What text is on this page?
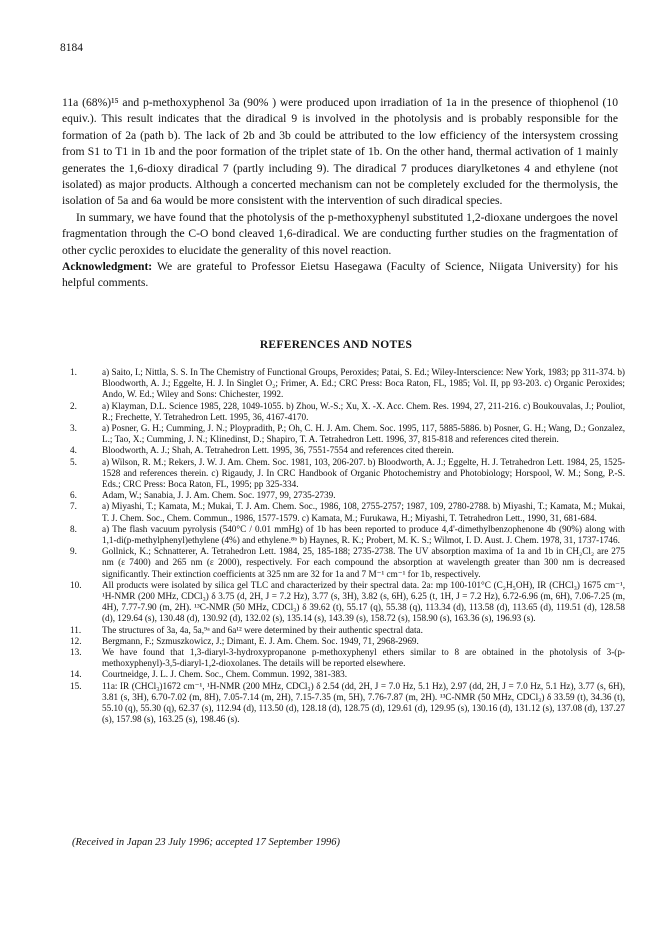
8184

11a (68%)¹⁵ and p-methoxyphenol 3a (90% ) were produced upon irradiation of 1a in the presence of thiophenol (10 equiv.). This result indicates that the diradical 9 is involved in the photolysis and is probably responsible for the formation of 2a (path b). The lack of 2b and 3b could be attributed to the low efficiency of the intersystem crossing from S1 to T1 in 1b and the poor formation of the triplet state of 1b. On the other hand, thermal activation of 1 mainly generates the 1,6-dioxy diradical 7 (partly including 9). The diradical 7 produces diarylketones 4 and ethylene (not isolated) as major products. Although a concerted mechanism can not be completely excluded for the thermolysis, the isolation of 5a and 6a would be more consistent with the intervention of such diradical species.

In summary, we have found that the photolysis of the p-methoxyphenyl substituted 1,2-dioxane undergoes the novel fragmentation through the C-O bond cleaved 1,6-diradical. We are conducting further studies on the fragmentation of other cyclic peroxides to elucidate the generality of this novel reaction.

Acknowledgment: We are grateful to Professor Eietsu Hasegawa (Faculty of Science, Niigata University) for his helpful comments.

REFERENCES AND NOTES
1.	a) Saito, I.; Nittla, S. S. In The Chemistry of Functional Groups, Peroxides; Patai, S. Ed.; Wiley-Interscience: New York, 1983; pp 311-374. b) Bloodworth, A. J.; Eggelte, H. J. In Singlet O₂; Frimer, A. Ed.; CRC Press: Boca Raton, FL, 1985; Vol. II, pp 93-203. c) Organic Peroxides; Ando, W. Ed.; Wiley and Sons: Chichester, 1992.
2.	a) Klayman, D.L. Science 1985, 228, 1049-1055. b) Zhou, W.-S.; Xu, X. -X. Acc. Chem. Res. 1994, 27, 211-216. c) Boukouvalas, J.; Pouliot, R.; Frechette, Y. Tetrahedron Lett. 1995, 36, 4167-4170.
3.	a) Posner, G. H.; Cumming, J. N.; Ploypradith, P.; Oh, C. H. J. Am. Chem. Soc. 1995, 117, 5885-5886. b) Posner, G. H.; Wang, D.; Gonzalez, L.; Tao, X.; Cumming, J. N.; Klinedinst, D.; Shapiro, T. A. Tetrahedron Lett. 1996, 37, 815-818 and references cited therein.
4.	Bloodworth, A. J.; Shah, A. Tetrahedron Lett. 1995, 36, 7551-7554 and references cited therein.
5.	a) Wilson, R. M.; Rekers, J. W. J. Am. Chem. Soc. 1981, 103, 206-207. b) Bloodworth, A. J.; Eggelte, H. J. Tetrahedron Lett. 1984, 25, 1525-1528 and references therein. c) Rigaudy, J. In CRC Handbook of Organic Photochemistry and Photobiology; Horspool, W. M.; Song, P.-S. Eds.; CRC Press: Boca Raton, FL, 1995; pp 325-334.
6.	Adam, W.; Sanabia, J. J. Am. Chem. Soc. 1977, 99, 2735-2739.
7.	a) Miyashi, T.; Kamata, M.; Mukai, T. J. Am. Chem. Soc., 1986, 108, 2755-2757; 1987, 109, 2780-2788. b) Miyashi, T.; Kamata, M.; Mukai, T. J. Chem. Soc., Chem. Commun., 1986, 1577-1579. c) Kamata, M.; Furukawa, H.; Miyashi, T. Tetrahedron Lett., 1990, 31, 681-684.
8.	a) The flash vacuum pyrolysis (540°C / 0.01 mmHg) of 1b has been reported to produce 4,4'-dimethylbenzophenone 4b (90%) along with 1,1-di(p-methylphenyl)ethylene (4%) and ethylene.⁸ᵇ b) Haynes, R. K.; Probert, M. K. S.; Wilmot, I. D. Aust. J. Chem. 1978, 31, 1737-1746.
9.	Gollnick, K.; Schnatterer, A. Tetrahedron Lett. 1984, 25, 185-188; 2735-2738. The UV absorption maxima of 1a and 1b in CH₂Cl₂ are 275 nm (ε 7400) and 265 nm (ε 2000), respectively. For each compound the absorption at wavelength greater than 300 nm is decreased significantly. Their extinction coefficients at 325 nm are 32 for 1a and 7 M⁻¹ cm⁻¹ for 1b, respectively.
10.	All products were isolated by silica gel TLC and characterized by their spectral data. 2a: mp 100-101°C (C₂H₅OH), IR (CHCl₃) 1675 cm⁻¹, ¹H-NMR (200 MHz, CDCl₃) δ 3.75 (d, 2H, J = 7.2 Hz), 3.77 (s, 3H), 3.82 (s, 6H), 6.25 (t, 1H, J = 7.2 Hz), 6.72-6.96 (m, 6H), 7.06-7.25 (m, 4H), 7.77-7.90 (m, 2H). ¹³C-NMR (50 MHz, CDCl₃) δ 39.62 (t), 55.17 (q), 55.38 (q), 113.34 (d), 113.58 (d), 113.65 (d), 119.51 (d), 128.58 (d), 129.64 (s), 130.48 (d), 130.92 (d), 132.02 (s), 135.14 (s), 143.39 (s), 158.72 (s), 158.90 (s), 163.36 (s), 196.93 (s).
11.	The structures of 3a, 4a, 5a,⁹ᵃ and 6a¹² were determined by their authentic spectral data.
12.	Bergmann, F.; Szmuszkowicz, J.; Dimant, E. J. Am. Chem. Soc. 1949, 71, 2968-2969.
13.	We have found that 1,3-diaryl-3-hydroxypropanone p-methoxyphenyl ethers similar to 8 are obtained in the photolysis of 3-(p-methoxyphenyl)-3,5-diaryl-1,2-dioxolanes. The details will be reported elsewhere.
14.	Courtneidge, J. L. J. Chem. Soc., Chem. Commun. 1992, 381-383.
15.	11a: IR (CHCl₃)1672 cm⁻¹, ¹H-NMR (200 MHz, CDCl₃) δ 2.54 (dd, 2H, J = 7.0 Hz, 5.1 Hz), 2.97 (dd, 2H, J = 7.0 Hz, 5.1 Hz), 3.77 (s, 6H), 3.81 (s, 3H), 6.70-7.02 (m, 8H), 7.05-7.14 (m, 2H), 7.15-7.35 (m, 5H), 7.76-7.87 (m, 2H). ¹³C-NMR (50 MHz, CDCl₃) δ 33.59 (t), 34.36 (t), 55.10 (q), 55.30 (q), 62.37 (s), 112.94 (d), 113.50 (d), 128.18 (d), 128.75 (d), 129.61 (d), 129.95 (s), 130.16 (d), 131.12 (s), 137.08 (d), 137.27 (s), 157.98 (s), 163.25 (s), 198.46 (s).
(Received in Japan 23 July 1996; accepted 17 September 1996)
